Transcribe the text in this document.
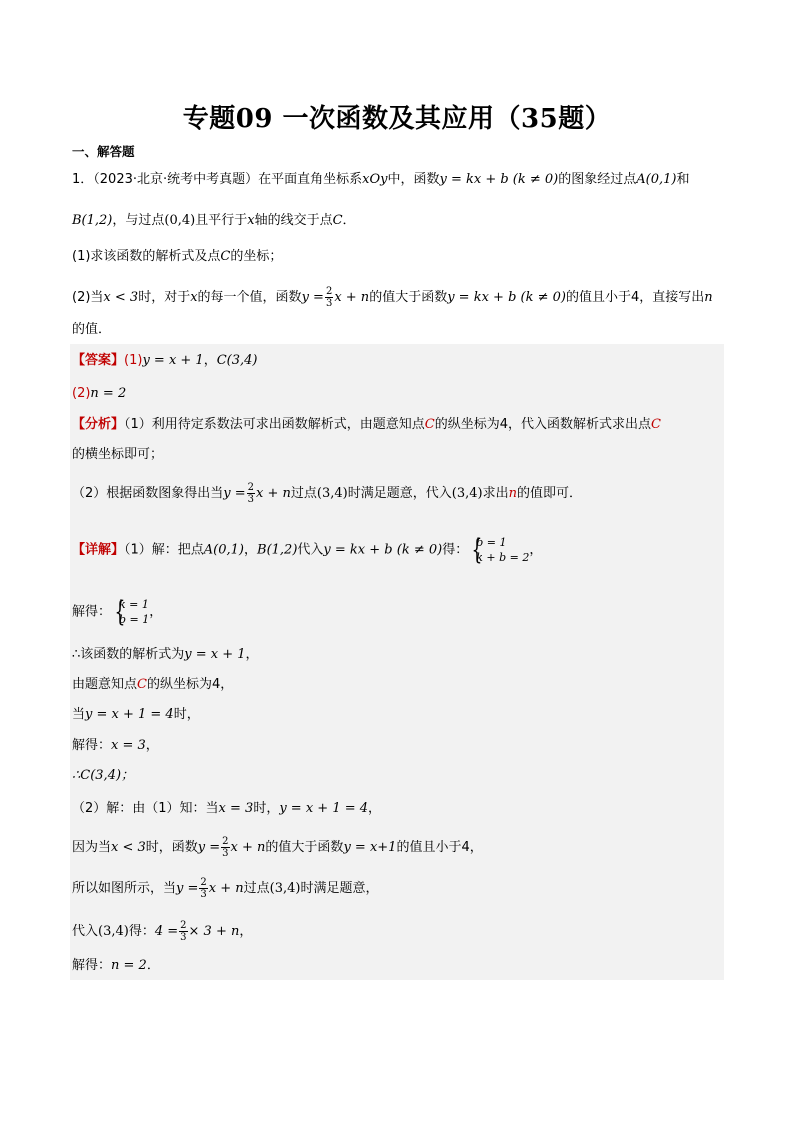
专题09 一次函数及其应用（35题）
一、解答题
1．（2023·北京·统考中考真题）在平面直角坐标系xOy中，函数y = kx + b (k ≠ 0)的图象经过点A(0,1)和
B(1,2)，与过点(0,4)且平行于x轴的线交于点C．
(1)求该函数的解析式及点C的坐标；
(2)当x < 3时，对于x的每一个值，函数$y = \frac{2}{3}$ x + n的值大于函数y = kx + b (k ≠ 0)的值且小于4，直接写出n
的值．
【答案】(1)y = x + 1，C(3,4)
(2)n = 2
【分析】（1）利用待定系数法可求出函数解析式，由题意知点C的纵坐标为4，代入函数解析式求出点C
的横坐标即可；
（2）根据函数图象得出当$y = \frac{2}{3}$ x + n过点(3,4)时满足题意，代入(3,4)求出n的值即可．
【详解】（1）解：把点A(0,1)，B(1,2)代入y = kx + b (k ≠ 0)得： {
b = 1
k + b = 2 ，
解得： {
k = 1
b = 1 ，
∴该函数的解析式为y = x + 1，
由题意知点C的纵坐标为4，
当y = x + 1 = 4时，
解得：x = 3，
∴C(3,4)；
（2）解：由（1）知：当x = 3时，y = x + 1 = 4，
因为当x < 3时，函数$y = \frac{2}{3}$ x + n的值大于函数y = x+1的值且小于4，
所以如图所示，当$y = \frac{2}{3}$ x + n过点(3,4)时满足题意，
代入(3,4)得：$4 = \frac{2}{3} \times 3 + n$，
解得：n = 2．
